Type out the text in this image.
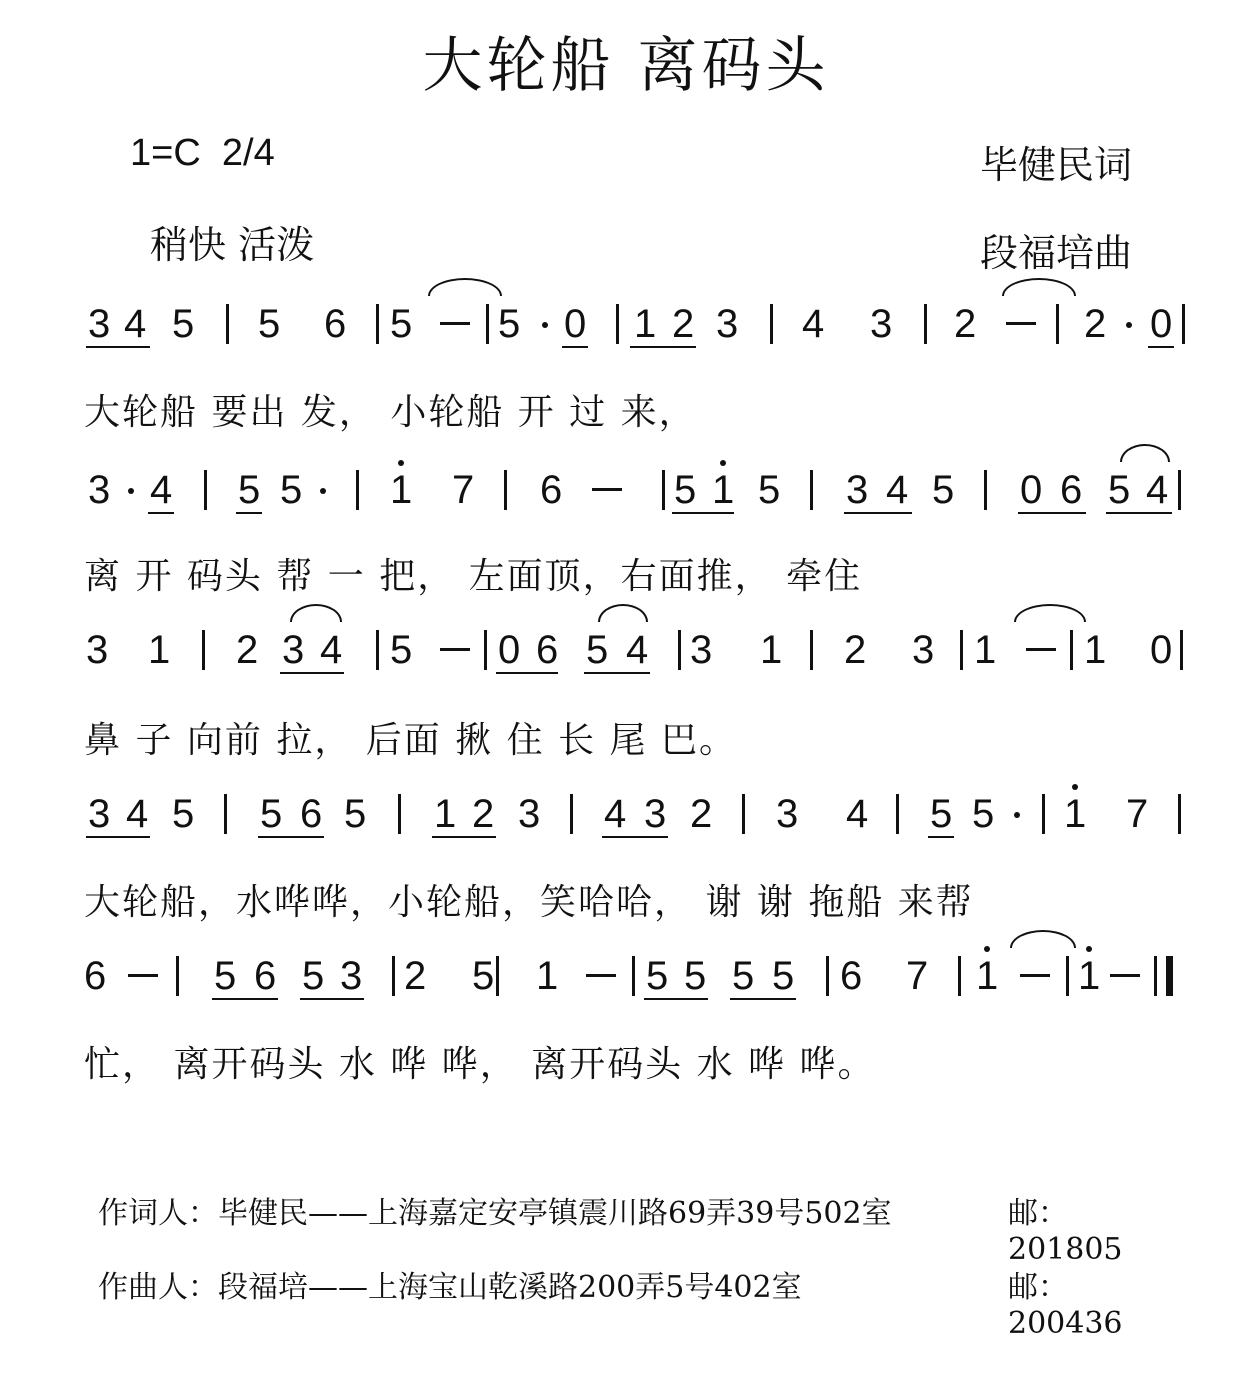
大轮船 离码头
1=C  2/4
稍快 活泼
毕健民词
段福培曲
3 4 5 5 6 5 5 0 1 2 3 4 3 2	2 0
大轮船 要出 发， 小轮船 开 过 来，
3 4 5 5 1 7 6	5 1 5 3 4 5 0 6 5 4
离 开 码头 帮 一 把， 左面顶，右面推， 牵住
3 1 2 3 4 5 0 6 5 4 3 1 2 3 1 1 0
鼻 子 向前 拉， 后面 揪 住 长 尾 巴。
3 4 5 5 6 5 1 2 3 4 3 2 3 4 5 5 1 7
大轮船，水哗哗，小轮船，笑哈哈， 谢 谢 拖船 来帮
6	5 6 5 3 2 5 1 5 5 5 5 6 7 1 1
忙， 离开码头 水 哗 哗， 离开码头 水 哗 哗。
作词人：毕健民——上海嘉定安亭镇震川路69弄39号502室	邮：201805
作曲人：段福培——上海宝山乾溪路200弄5号402室	邮：200436
